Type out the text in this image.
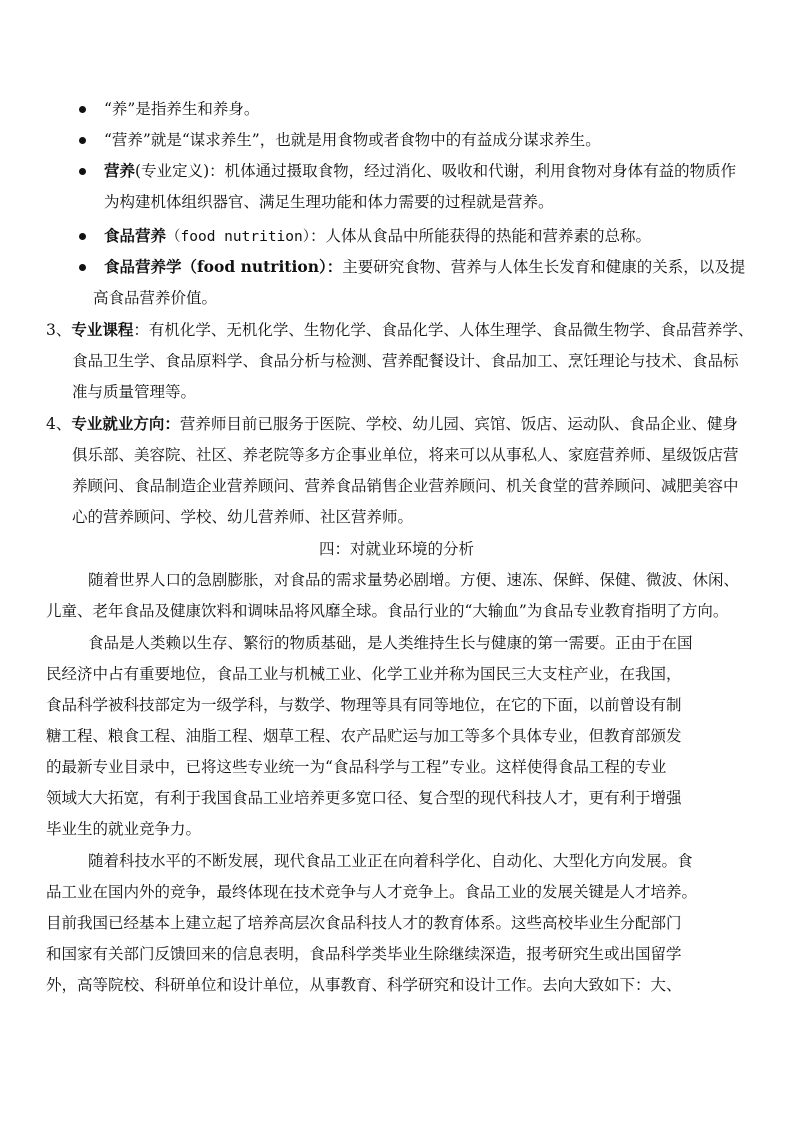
“养”是指养生和养身。
“营养”就是“谋求养生”，也就是用食物或者食物中的有益成分谋求养生。
营养(专业定义)：机体通过摄取食物，经过消化、吸收和代谢，利用食物对身体有益的物质作
为构建机体组织器官、满足生理功能和体力需要的过程就是营养。
食品营养（food nutrition）：人体从食品中所能获得的热能和营养素的总称。
食品营养学（food nutrition）：主要研究食物、营养与人体生长发育和健康的关系，以及提
高食品营养价值。
3、专业课程：有机化学、无机化学、生物化学、食品化学、人体生理学、食品微生物学、食品营养学、
食品卫生学、食品原料学、食品分析与检测、营养配餐设计、食品加工、烹饪理论与技术、食品标
准与质量管理等。
4、专业就业方向：营养师目前已服务于医院、学校、幼儿园、宾馆、饭店、运动队、食品企业、健身
俱乐部、美容院、社区、养老院等多方企事业单位，将来可以从事私人、家庭营养师、星级饭店营
养顾问、食品制造企业营养顾问、营养食品销售企业营养顾问、机关食堂的营养顾问、减肥美容中
心的营养顾问、学校、幼儿营养师、社区营养师。
四：对就业环境的分析
随着世界人口的急剧膨胀，对食品的需求量势必剧增。方便、速冻、保鲜、保健、微波、休闲、
儿童、老年食品及健康饮料和调味品将风靡全球。食品行业的“大输血”为食品专业教育指明了方向。
食品是人类赖以生存、繁衍的物质基础，是人类维持生长与健康的第一需要。正由于在国
民经济中占有重要地位，食品工业与机械工业、化学工业并称为国民三大支柱产业，在我国，
食品科学被科技部定为一级学科，与数学、物理等具有同等地位，在它的下面，以前曾设有制
糖工程、粮食工程、油脂工程、烟草工程、农产品贮运与加工等多个具体专业，但教育部颁发
的最新专业目录中，已将这些专业统一为“食品科学与工程”专业。这样使得食品工程的专业
领域大大拓宽，有利于我国食品工业培养更多宽口径、复合型的现代科技人才，更有利于增强
毕业生的就业竞争力。
随着科技水平的不断发展，现代食品工业正在向着科学化、自动化、大型化方向发展。食
品工业在国内外的竞争，最终体现在技术竞争与人才竞争上。食品工业的发展关键是人才培养。
目前我国已经基本上建立起了培养高层次食品科技人才的教育体系。这些高校毕业生分配部门
和国家有关部门反馈回来的信息表明，食品科学类毕业生除继续深造，报考研究生或出国留学
外，高等院校、科研单位和设计单位，从事教育、科学研究和设计工作。去向大致如下：大、
